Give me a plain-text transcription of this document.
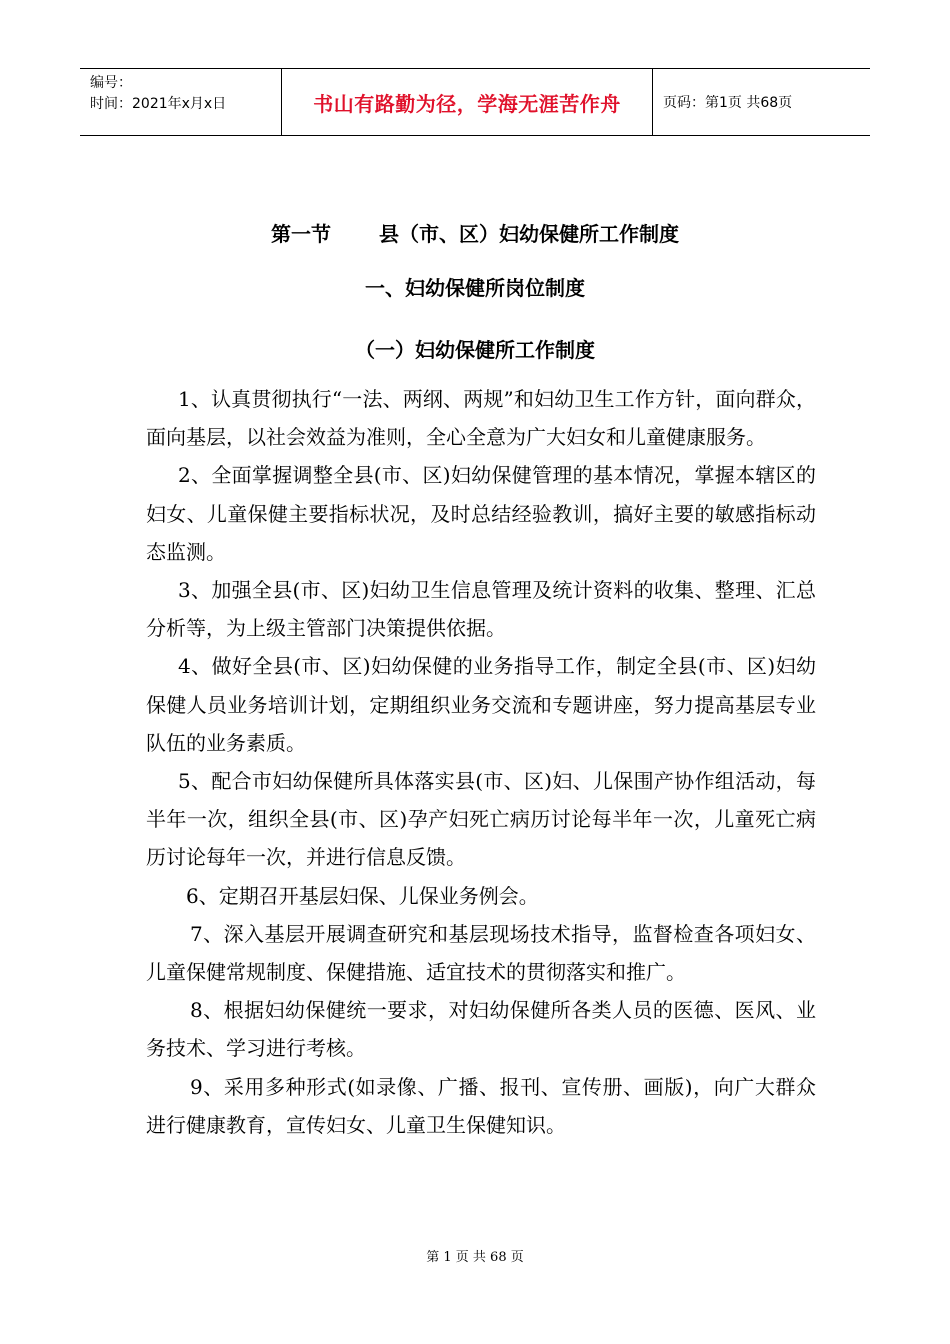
编号：
时间：2021年x月x日	书山有路勤为径，学海无涯苦作舟	页码：第1页 共68页
第一节 县（市、区）妇幼保健所工作制度
一、妇幼保健所岗位制度
（一）妇幼保健所工作制度

1、认真贯彻执行“一法、两纲、两规”和妇幼卫生工作方针，面向群众，面向基层，以社会效益为准则，全心全意为广大妇女和儿童健康服务。

2、全面掌握调整全县(市、区)妇幼保健管理的基本情况，掌握本辖区的妇女、儿童保健主要指标状况，及时总结经验教训，搞好主要的敏感指标动态监测。

3、加强全县(市、区)妇幼卫生信息管理及统计资料的收集、整理、汇总分析等，为上级主管部门决策提供依据。

4、做好全县(市、区)妇幼保健的业务指导工作，制定全县(市、区)妇幼保健人员业务培训计划，定期组织业务交流和专题讲座，努力提高基层专业队伍的业务素质。

5、配合市妇幼保健所具体落实县(市、区)妇、儿保围产协作组活动，每半年一次，组织全县(市、区)孕产妇死亡病历讨论每半年一次，儿童死亡病历讨论每年一次，并进行信息反馈。

6、定期召开基层妇保、儿保业务例会。

7、深入基层开展调查研究和基层现场技术指导，监督检查各项妇女、儿童保健常规制度、保健措施、适宜技术的贯彻落实和推广。

8、根据妇幼保健统一要求，对妇幼保健所各类人员的医德、医风、业务技术、学习进行考核。

9、采用多种形式(如录像、广播、报刊、宣传册、画版)，向广大群众进行健康教育，宣传妇女、儿童卫生保健知识。

第 1 页 共 68 页
